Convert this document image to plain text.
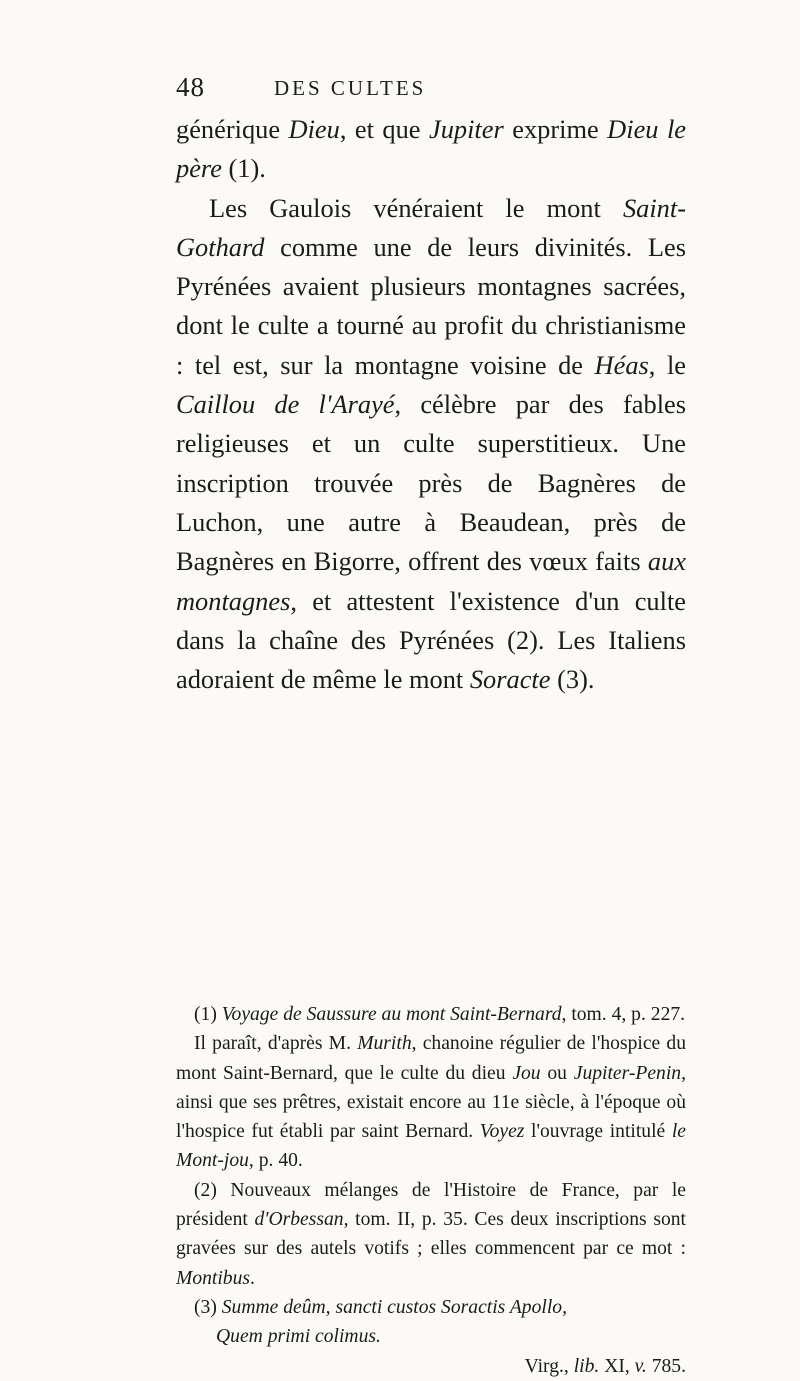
48	DES CULTES

générique Dieu, et que Jupiter exprime Dieu le père (1).

Les Gaulois vénéraient le mont Saint-Gothard comme une de leurs divinités. Les Pyrénées avaient plusieurs montagnes sacrées, dont le culte a tourné au profit du christianisme : tel est, sur la montagne voisine de Héas, le Caillou de l'Arayé, célèbre par des fables religieuses et un culte superstitieux. Une inscription trouvée près de Bagnères de Luchon, une autre à Beaudean, près de Bagnères en Bigorre, offrent des vœux faits aux montagnes, et attestent l'existence d'un culte dans la chaîne des Pyrénées (2). Les Italiens adoraient de même le mont Soracte (3).

(1) Voyage de Saussure au mont Saint-Bernard, tom. 4, p. 227.

Il paraît, d'après M. Murith, chanoine régulier de l'hospice du mont Saint-Bernard, que le culte du dieu Jou ou Jupiter-Penin, ainsi que ses prêtres, existait encore au 11e siècle, à l'époque où l'hospice fut établi par saint Bernard. Voyez l'ouvrage intitulé le Mont-jou, p. 40.

(2) Nouveaux mélanges de l'Histoire de France, par le président d'Orbessan, tom. II, p. 35. Ces deux inscriptions sont gravées sur des autels votifs ; elles commencent par ce mot : Montibus.

(3) Summe deûm, sancti custos Soractis Apollo,

Quem primi colimus.

Virg., lib. XI, v. 785.
